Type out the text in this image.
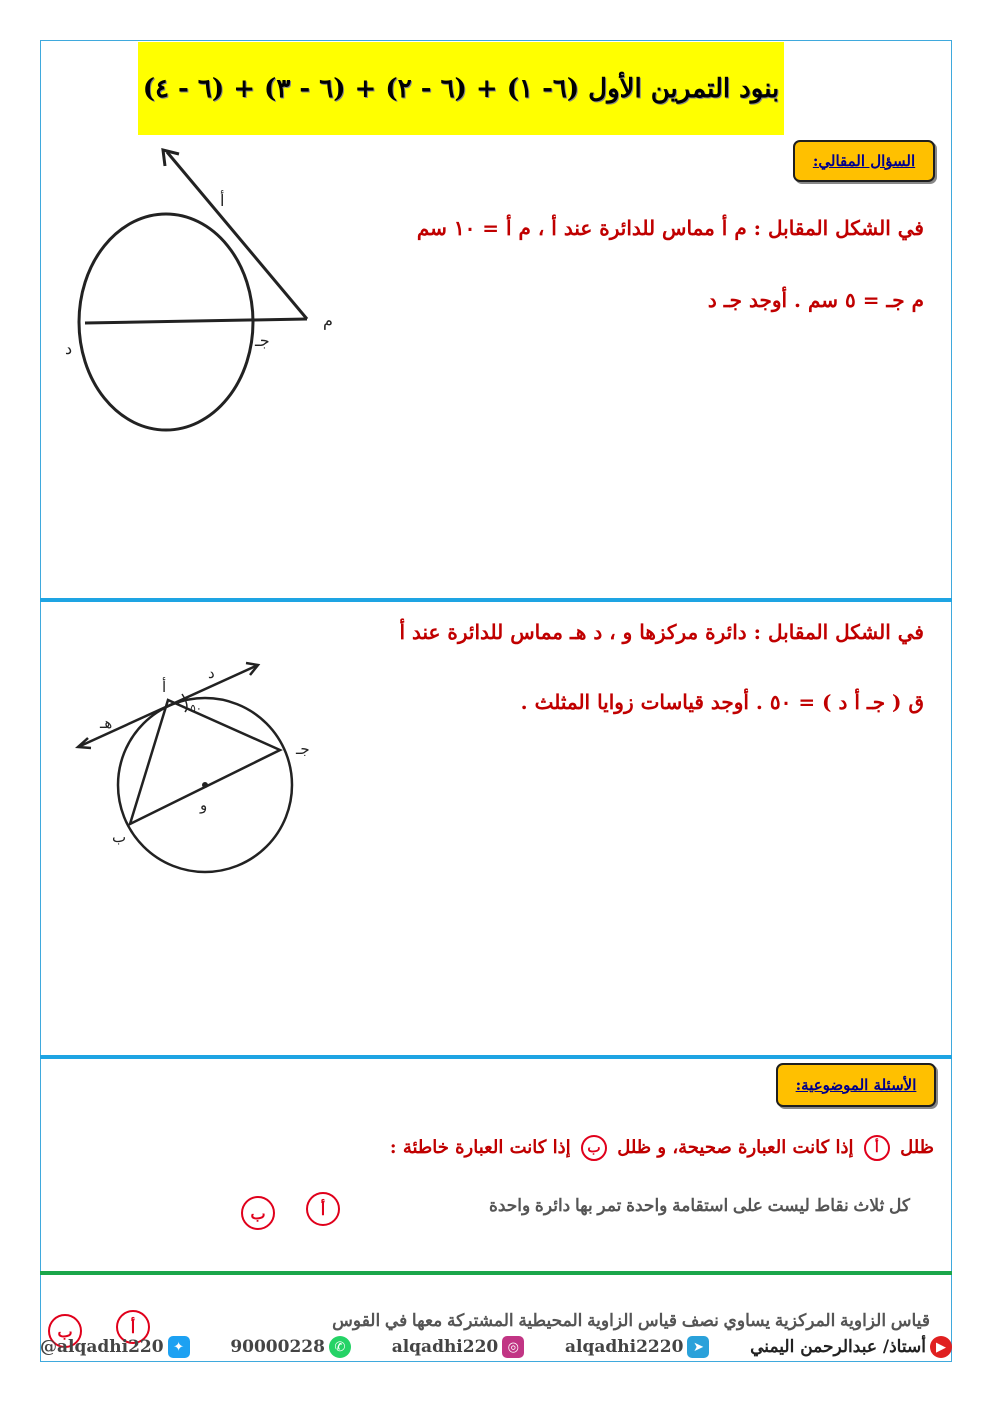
بنود التمرين الأول (٦- ١) + (٦ - ٢) + (٦ - ٣) + (٦ - ٤)
السؤال المقالي:
في الشكل المقابل : م أ مماس للدائرة عند أ ، م أ = ١٠ سم
م جـ = ٥ سم . أوجد جـ د
أ
م
جـ
د
في الشكل المقابل : دائرة مركزها و ، د هـ مماس للدائرة عند أ
ق ( جـ أ د ) = ٥٠ . أوجد قياسات زوايا المثلث .
٥٠
أ
د
هـ
جـ
ب
و
الأسئلة الموضوعية:
ظلل أ إذا كانت العبارة صحيحة، و ظلل ب إذا كانت العبارة خاطئة :
كل ثلاث نقاط ليست على استقامة واحدة تمر بها دائرة واحدة
أ
ب
قياس الزاوية المركزية يساوي نصف قياس الزاوية المحيطية المشتركة معها في القوس
أ
ب
@alqadhi220 ✦	90000228 ✆	alqadhi220 ◎	alqadhi2220 ➤	أستاذ/ عبدالرحمن اليمني ▶
